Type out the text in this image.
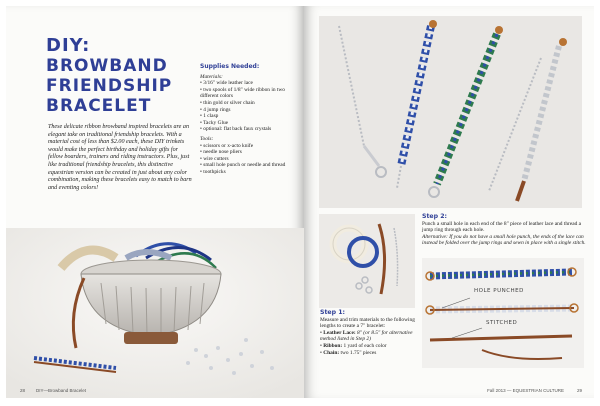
DIY:
BROWBAND
FRIENDSHIP
BRACELET

These delicate ribbon browband inspired bracelets are an elegant take on traditional friendship bracelets. With a material cost of less than $2.00 each, these DIY trinkets would make the perfect birthday and holiday gifts for fellow boarders, trainers and riding instructors. Plus, just like traditional friendship bracelets, this distinctive equestrian version can be created in just about any color combination, making these bracelets easy to match to barn and eventing colors!

Supplies Needed:
Materials:
• 3/16" wide leather lace
• two spools of 1/8" wide ribbon in two different colors
• thin gold or silver chain
• 4 jump rings
• 1 clasp
• Tacky Glue
• optional: flat back faux crystals
Tools:
• scissors or x-acto knife
• needle nose pliers
• wire cutters
• small hole punch or needle and thread
• toothpicks
28 DIY—Browband Bracelet
Step 1:

Measure and trim materials to the following lengths to create a 7" bracelet:

• Leather Lace: 8" (or 8.5" for alternative method listed in Step 2)
• Ribbon: 1 yard of each color
• Chain: two 1.75" pieces
Step 2:

Punch a small hole in each end of the 8" piece of leather lace and thread a jump ring through each hole.

Alternative: If you do not have a small hole punch, the ends of the lace can instead be folded over the jump rings and sewn in place with a single stitch.

HOLE PUNCHED
STITCHED
Fall 2013 — EQUESTRIAN CULTURE	29
